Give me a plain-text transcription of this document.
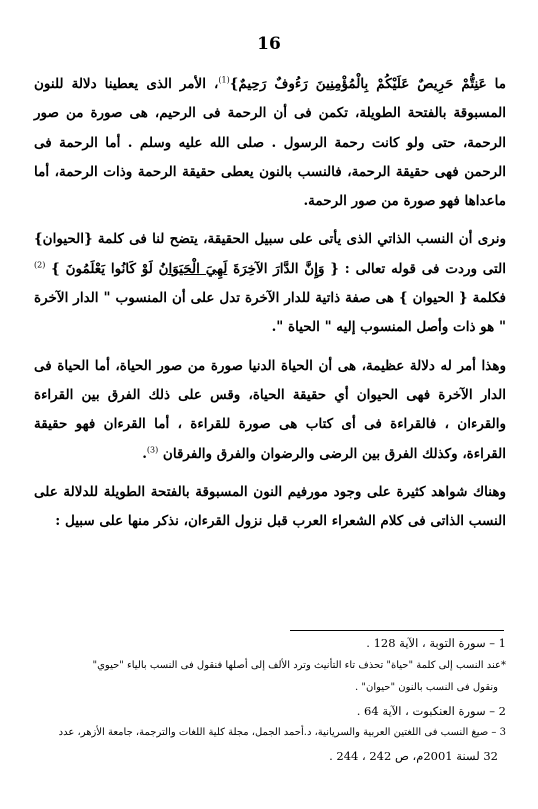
16

ما عَنِتُّمْ حَرِيصٌ عَلَيْكُمْ بِالْمُؤْمِنِينَ رَءُوفٌ رَحِيمٌ}$^{(1)}$، الأمر الذى يعطينا دلالة للنون المسبوقة بالفتحة الطويلة، تكمن فى أن الرحمة فى الرحيم، هى صورة من صور الرحمة، حتى ولو كانت رحمة الرسول . صلى الله عليه وسلم . أما الرحمة فى الرحمن فهى حقيقة الرحمة، فالنسب بالنون يعطى حقيقة الرحمة وذات الرحمة، أما ماعداها فهو صورة من صور الرحمة.

ونرى أن النسب الذاتي الذى يأتى على سبيل الحقيقة، يتضح لنا فى كلمة {الحيوان} التى وردت فى قوله تعالى : { وَإِنَّ الدَّارَ الآخِرَةَ لَهِيَ الْحَيَوَانُ لَوْ كَانُوا يَعْلَمُونَ } $^{(2)}$ فكلمة { الحيوان } هى صفة ذاتية للدار الآخرة تدل على أن المنسوب " الدار الآخرة " هو ذات وأصل المنسوب إليه " الحياة ".

وهذا أمر له دلالة عظيمة، هى أن الحياة الدنيا صورة من صور الحياة، أما الحياة فى الدار الآخرة فهى الحيوان أي حقيقة الحياة، وقس على ذلك الفرق بين القراءة والقرءان ، فالقراءة فى أى كتاب هى صورة للقراءة ، أما القرءان فهو حقيقة القراءة، وكذلك الفرق بين الرضى والرضوان والفرق والفرقان $^{(3)}$.

وهناك شواهد كثيرة على وجود مورفيم النون المسبوقة بالفتحة الطويلة للدلالة على النسب الذاتى فى كلام الشعراء العرب قبل نزول القرءان، نذكر منها على سبيل :

1 – سورة التوبة ، الآية 128 .

*عند النسب إلى كلمة "حياة" تحذف تاء التأنيث وترد الألف إلى أصلها فنقول فى النسب بالياء "حيوي"

ونقول فى النسب بالنون "حيوان" .

2 – سورة العنكبوت ، الآية 64 .

3 – صيغ النسب فى اللغتين العربية والسريانية، د.أحمد الجمل، مجلة كلية اللغات والترجمة، جامعة الأزهر، عدد

32 لسنة 2001م، ص 242 ، 244 .
